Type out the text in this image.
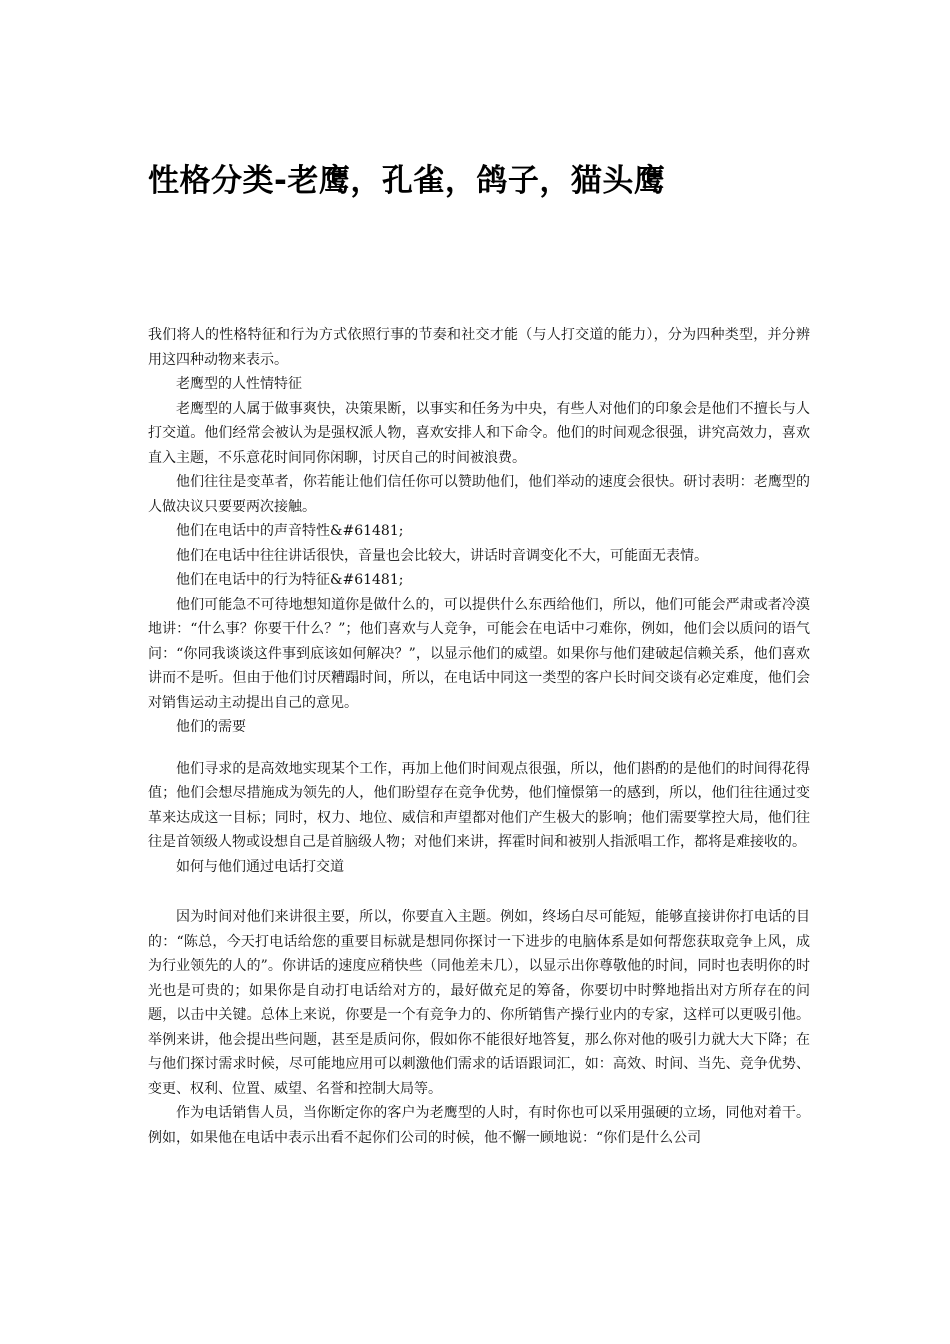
性格分类-老鹰，孔雀，鸽子，猫头鹰

我们将人的性格特征和行为方式依照行事的节奏和社交才能（与人打交道的能力），分为四种类型，并分辨用这四种动物来表示。

老鹰型的人性情特征

老鹰型的人属于做事爽快，决策果断，以事实和任务为中央，有些人对他们的印象会是他们不擅长与人打交道。他们经常会被认为是强权派人物，喜欢安排人和下命令。他们的时间观念很强，讲究高效力，喜欢直入主题，不乐意花时间同你闲聊，讨厌自己的时间被浪费。

他们往往是变革者，你若能让他们信任你可以赞助他们，他们举动的速度会很快。研讨表明：老鹰型的人做决议只要要两次接触。

他们在电话中的声音特性&#61481;

他们在电话中往往讲话很快，音量也会比较大，讲话时音调变化不大，可能面无表情。

他们在电话中的行为特征&#61481;

他们可能急不可待地想知道你是做什么的，可以提供什么东西给他们，所以，他们可能会严肃或者冷漠地讲：“什么事？你要干什么？”；他们喜欢与人竞争，可能会在电话中刁难你，例如，他们会以质问的语气问：“你同我谈谈这件事到底该如何解决？”，以显示他们的威望。如果你与他们建破起信赖关系，他们喜欢讲而不是听。但由于他们讨厌糟蹋时间，所以，在电话中同这一类型的客户长时间交谈有必定难度，他们会对销售运动主动提出自己的意见。

他们的需要

他们寻求的是高效地实现某个工作，再加上他们时间观点很强，所以，他们斟酌的是他们的时间得花得值；他们会想尽措施成为领先的人，他们盼望存在竞争优势，他们憧憬第一的感到，所以，他们往往通过变革来达成这一目标；同时，权力、地位、威信和声望都对他们产生极大的影响；他们需要掌控大局，他们往往是首领级人物或设想自己是首脑级人物；对他们来讲，挥霍时间和被别人指派唱工作，都将是难接收的。

如何与他们通过电话打交道

因为时间对他们来讲很主要，所以，你要直入主题。例如，终场白尽可能短，能够直接讲你打电话的目的：“陈总，今天打电话给您的重要目标就是想同你探讨一下进步的电脑体系是如何帮您获取竞争上风，成为行业领先的人的”。你讲话的速度应稍快些（同他差未几），以显示出你尊敬他的时间，同时也表明你的时光也是可贵的；如果你是自动打电话给对方的，最好做充足的筹备，你要切中时弊地指出对方所存在的问题，以击中关键。总体上来说，你要是一个有竞争力的、你所销售产操行业内的专家，这样可以更吸引他。举例来讲，他会提出些问题，甚至是质问你，假如你不能很好地答复，那么你对他的吸引力就大大下降；在与他们探讨需求时候，尽可能地应用可以刺激他们需求的话语跟词汇，如：高效、时间、当先、竞争优势、变更、权利、位置、威望、名誉和控制大局等。

作为电话销售人员，当你断定你的客户为老鹰型的人时，有时你也可以采用强硬的立场，同他对着干。例如，如果他在电话中表示出看不起你们公司的时候，他不懈一顾地说：“你们是什么公司
